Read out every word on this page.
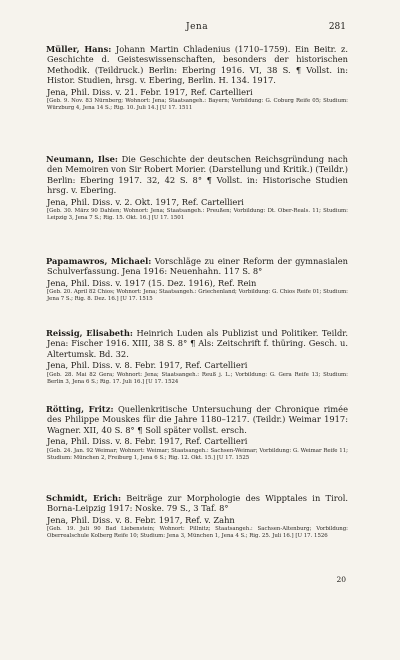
Jena	281
Müller, Hans: Johann Martin Chladenius (1710–1759). Ein Beitr. z. Geschichte d. Geisteswissenschaften, besonders der historischen Methodik. (Teildruck.) Berlin: Ebering 1916. VI, 38 S. ¶ Vollst. in: Histor. Studien, hrsg. v. Ebering, Berlin. H. 134. 1917.
Jena, Phil. Diss. v. 21. Febr. 1917, Ref. Cartellieri
[Geb. 9. Nov. 83 Nürnberg; Wohnort: Jena; Staatsangeh.: Bayern; Vorbildung: G. Coburg Reife 05; Studium: Würzburg 4, Jena 14 S.; Rig. 10. Juli 14.] [U 17. 1511
Neumann, Ilse: Die Geschichte der deutschen Reichsgründung nach den Memoiren von Sir Robert Morier. (Darstellung und Kritik.) (Teildr.) Berlin: Ebering 1917. 32, 42 S. 8° ¶ Vollst. in: Historische Studien hrsg. v. Ebering.
Jena, Phil. Diss. v. 2. Okt. 1917, Ref. Cartellieri
[Geb. 30. März 90 Dahlen; Wohnort: Jena; Staatsangeh.: Preußen; Vorbildung: Dt. Ober-Reals. 11; Studium: Leipzig 3, Jena 7 S.; Rig. 15. Okt. 16.] [U 17. 1501
Papamawros, Michael: Vorschläge zu einer Reform der gymnasialen Schulverfassung. Jena 1916: Neuenhahn. 117 S. 8°
Jena, Phil. Diss. v. 1917 (15. Dez. 1916), Ref. Rein
[Geb. 20. April 82 Chios; Wohnort: Jena; Staatsangeh.: Griechenland; Vorbildung: G. Chios Reife 01; Studium: Jena 7 S.; Rig. 8. Dez. 16.] [U 17. 1515
Reissig, Elisabeth: Heinrich Luden als Publizist und Politiker. Teildr. Jena: Fischer 1916. XIII, 38 S. 8° ¶ Als: Zeitschrift f. thüring. Gesch. u. Altertumsk. Bd. 32.
Jena, Phil. Diss. v. 8. Febr. 1917, Ref. Cartellieri
[Geb. 28. Mai 82 Gera; Wohnort: Jena; Staatsangeh.: Reuß j. L.; Vorbildung: G. Gera Reife 13; Studium: Berlin 3, Jena 6 S.; Rig. 17. Juli 16.] [U 17. 1524
Rötting, Fritz: Quellenkritische Untersuchung der Chronique rimée des Philippe Mouskes für die Jahre 1180–1217. (Teildr.) Weimar 1917: Wagner. XII, 40 S. 8° ¶ Soll später vollst. ersch.
Jena, Phil. Diss. v. 8. Febr. 1917, Ref. Cartellieri
[Geb. 24. Jan. 92 Weimar; Wohnort: Weimar; Staatsangeh.: Sachsen-Weimar; Vorbildung: G. Weimar Reife 11; Studium: München 2, Freiburg 1, Jena 6 S.; Rig. 12. Okt. 15.] [U 17. 1525
Schmidt, Erich: Beiträge zur Morphologie des Wipptales in Tirol. Borna-Leipzig 1917: Noske. 79 S., 3 Taf. 8°
Jena, Phil. Diss. v. 8. Febr. 1917, Ref. v. Zahn
[Geb. 19. Juli 90 Bad Liebenstein; Wohnort: Pillnitz; Staatsangeh.: Sachsen-Altenburg; Vorbildung: Oberrealschule Kolberg Reife 10; Studium: Jena 3, München 1, Jena 4 S.; Rig. 25. Juli 16.] [U 17. 1526
20
